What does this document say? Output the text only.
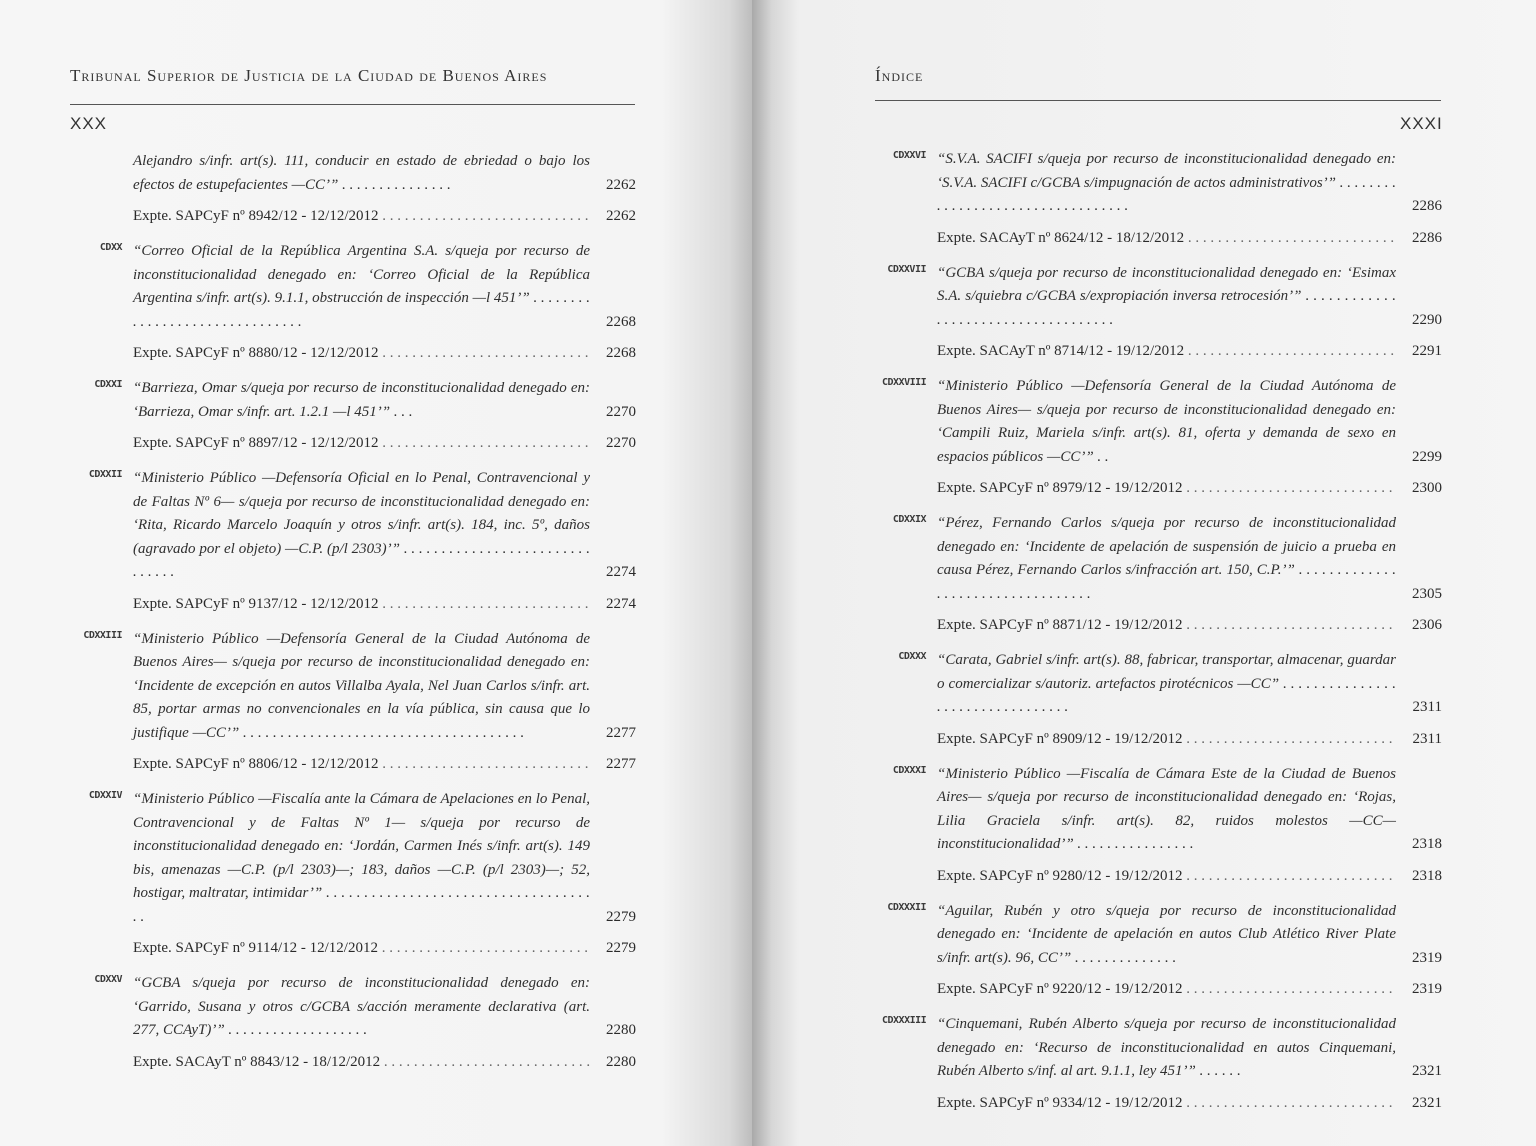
Tribunal Superior de Justicia de la Ciudad de Buenos Aires
XXX
Alejandro s/infr. art(s). 111, conducir en estado de ebriedad o bajo los efectos de estupefacientes —CC’” . . . . . . . . . . . . . . .	2262
Expte. SAPCyF nº 8942/12 - 12/12/2012 . . .	2262
CDXX “Correo Oficial de la República Argentina S.A. s/queja por recurso de inconstitucionalidad denegado en: ‘Correo Oficial de la República Argentina s/infr. art(s). 9.1.1, obstrucción de inspección —l 451’” . . . . . . . . . . . . . . . . . . . . . . . . . . . . . . .	2268
Expte. SAPCyF nº 8880/12 - 12/12/2012 . . .	2268
CDXXI “Barrieza, Omar s/queja por recurso de inconstitucionalidad denegado en: ‘Barrieza, Omar s/infr. art. 1.2.1 —l 451’” . . .	2270
Expte. SAPCyF nº 8897/12 - 12/12/2012 . . .	2270
CDXXII “Ministerio Público —Defensoría Oficial en lo Penal, Contravencional y de Faltas Nº 6— s/queja por recurso de inconstitucionalidad denegado en: ‘Rita, Ricardo Marcelo Joaquín y otros s/infr. art(s). 184, inc. 5º, daños (agravado por el objeto) —C.P. (p/l 2303)’” . . . . . . . . . . . . . . . . . . . . . . . . . . . . . . .	2274
Expte. SAPCyF nº 9137/12 - 12/12/2012 . . .	2274
CDXXIII “Ministerio Público —Defensoría General de la Ciudad Autónoma de Buenos Aires— s/queja por recurso de inconstitucionalidad denegado en: ‘Incidente de excepción en autos Villalba Ayala, Nel Juan Carlos s/infr. art. 85, portar armas no convencionales en la vía pública, sin causa que lo justifique —CC’” . . . . . . . . . . . . . . . . . . . . . . . . . . . . . . . . . . . . . .	2277
Expte. SAPCyF nº 8806/12 - 12/12/2012 . . .	2277
CDXXIV “Ministerio Público —Fiscalía ante la Cámara de Apelaciones en lo Penal, Contravencional y de Faltas Nº 1— s/queja por recurso de inconstitucionalidad denegado en: ‘Jordán, Carmen Inés s/infr. art(s). 149 bis, amenazas —C.P. (p/l 2303)—; 183, daños —C.P. (p/l 2303)—; 52, hostigar, maltratar, intimidar’” . . . . . . . . . . . . . . . . . . . . . . . . . . . . . . . . . . . . .	2279
Expte. SAPCyF nº 9114/12 - 12/12/2012 . . .	2279
CDXXV “GCBA s/queja por recurso de inconstitucionalidad denegado en: ‘Garrido, Susana y otros c/GCBA s/acción meramente declarativa (art. 277, CCAyT)’” . . . . . . . . . . . . . . . . . . .	2280
Expte. SACAyT nº 8843/12 - 18/12/2012 . . .	2280
Índice
XXXI
CDXXVI “S.V.A. SACIFI s/queja por recurso de inconstitucionalidad denegado en: ‘S.V.A. SACIFI c/GCBA s/impugnación de actos administrativos’” . . . . . . . . . . . . . . . . . . . . . . . . . . . . . . . . . .	2286
Expte. SACAyT nº 8624/12 - 18/12/2012 . . .	2286
CDXXVII “GCBA s/queja por recurso de inconstitucionalidad denegado en: ‘Esimax S.A. s/quiebra c/GCBA s/expropiación inversa retrocesión’” . . . . . . . . . . . . . . . . . . . . . . . . . . . . . . . . . . . .	2290
Expte. SACAyT nº 8714/12 - 19/12/2012 . . .	2291
CDXXVIII “Ministerio Público —Defensoría General de la Ciudad Autónoma de Buenos Aires— s/queja por recurso de inconstitucionalidad denegado en: ‘Campili Ruiz, Mariela s/infr. art(s). 81, oferta y demanda de sexo en espacios públicos —CC’” . .	2299
Expte. SAPCyF nº 8979/12 - 19/12/2012 . . .	2300
CDXXIX “Pérez, Fernando Carlos s/queja por recurso de inconstitucionalidad denegado en: ‘Incidente de apelación de suspensión de juicio a prueba en causa Pérez, Fernando Carlos s/infracción art. 150, C.P.’” . . . . . . . . . . . . . . . . . . . . . . . . . . . . . . . . . .	2305
Expte. SAPCyF nº 8871/12 - 19/12/2012 . . .	2306
CDXXX “Carata, Gabriel s/infr. art(s). 88, fabricar, transportar, almacenar, guardar o comercializar s/autoriz. artefactos pirotécnicos —CC” . . . . . . . . . . . . . . . . . . . . . . . . . . . . . . . . .	2311
Expte. SAPCyF nº 8909/12 - 19/12/2012 . . .	2311
CDXXXI “Ministerio Público —Fiscalía de Cámara Este de la Ciudad de Buenos Aires— s/queja por recurso de inconstitucionalidad denegado en: ‘Rojas, Lilia Graciela s/infr. art(s). 82, ruidos molestos —CC— inconstitucionalidad’” . . . . . . . . . . . . . . . .	2318
Expte. SAPCyF nº 9280/12 - 19/12/2012 . . .	2318
CDXXXII “Aguilar, Rubén y otro s/queja por recurso de inconstitucionalidad denegado en: ‘Incidente de apelación en autos Club Atlético River Plate s/infr. art(s). 96, CC’” . . . . . . . . . . . . . .	2319
Expte. SAPCyF nº 9220/12 - 19/12/2012 . . .	2319
CDXXXIII “Cinquemani, Rubén Alberto s/queja por recurso de inconstitucionalidad denegado en: ‘Recurso de inconstitucionalidad en autos Cinquemani, Rubén Alberto s/inf. al art. 9.1.1, ley 451’” . . . . . .	2321
Expte. SAPCyF nº 9334/12 - 19/12/2012 . . .	2321
